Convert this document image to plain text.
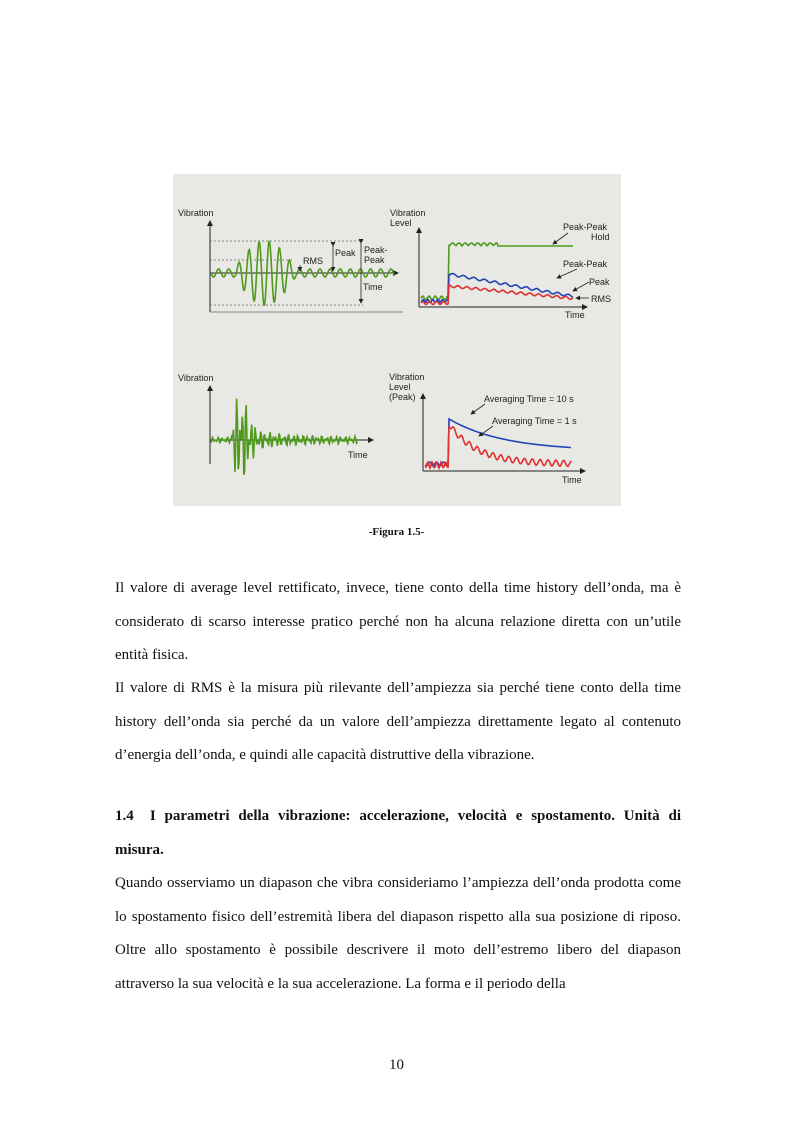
Vibration
Peak Peak-
Peak
RMS
Time
Vibration
Level	Peak-Peak
Hold
Peak-Peak
Peak
RMS
Time
Vibration
Time
Vibration
Level
(Peak)	Averaging Time = 10 s
Averaging Time = 1 s
Time
-Figura 1.5-
Il valore di average level rettificato, invece, tiene conto della time history dell’onda, ma è considerato di scarso interesse pratico perché non ha alcuna relazione diretta con un’utile entità fisica.
Il valore di RMS è la misura più rilevante dell’ampiezza sia perché tiene conto della time history dell’onda sia perché da un valore dell’ampiezza direttamente legato al contenuto d’energia dell’onda, e quindi alle capacità distruttive della vibrazione.
1.4 I parametri della vibrazione: accelerazione, velocità e spostamento. Unità di misura.
Quando osserviamo un diapason che vibra consideriamo l’ampiezza dell’onda prodotta come lo spostamento fisico dell’estremità libera del diapason rispetto alla sua posizione di riposo. Oltre allo spostamento è possibile descrivere il moto dell’estremo libero del diapason attraverso la sua velocità e la sua accelerazione. La forma e il periodo della
10
